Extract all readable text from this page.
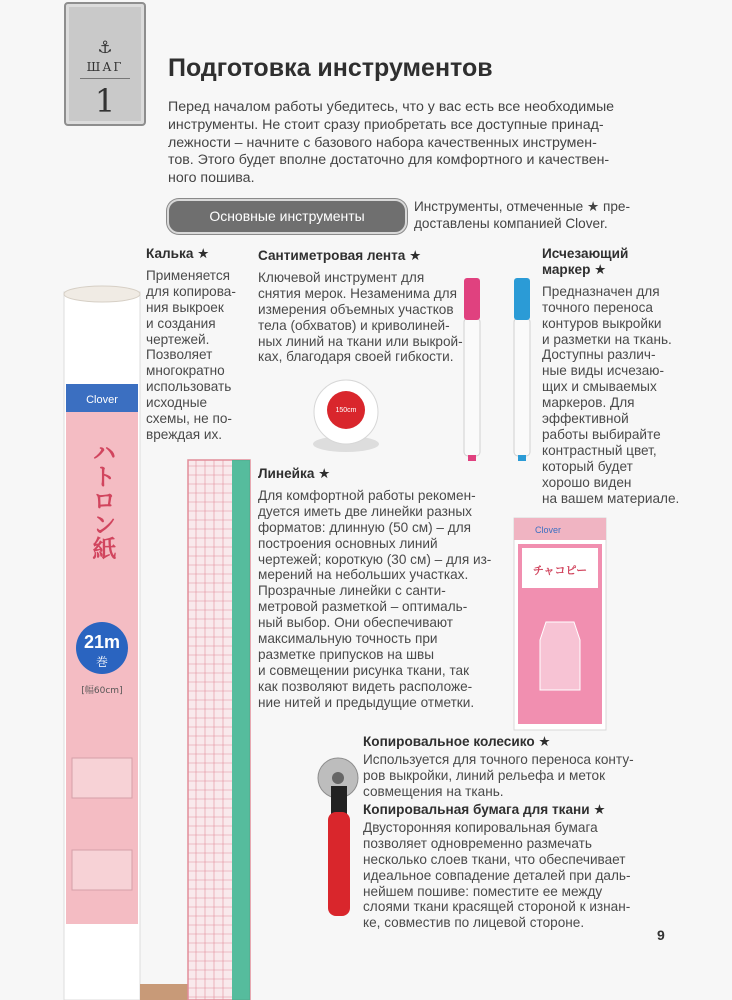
Clover
ハトロン紙
21m
巻
[幅60cm]
150cm
Clover
チャコピー
⚓
ШАГ
1
Подготовка инструментов
Перед началом работы убедитесь, что у вас есть все необходимые
инструменты. Не стоит сразу приобретать все доступные принад-
лежности – начните с базового набора качественных инструмен-
тов. Этого будет вполне достаточно для комфортного и качествен-
ного пошива.
Основные инструменты
Инструменты, отмеченные ★ пре-
доставлены компанией Clover.
Калька ★
Применяется
для копирова-
ния выкроек
и создания
чертежей.
Позволяет
многократно
использовать
исходные
схемы, не по-
вреждая их.
Сантиметровая лента ★
Ключевой инструмент для
снятия мерок. Незаменима для
измерения объемных участков
тела (обхватов) и криволиней-
ных линий на ткани или выкрой-
ках, благодаря своей гибкости.
Исчезающий
маркер ★
Предназначен для
точного переноса
контуров выкройки
и разметки на ткань.
Доступны различ-
ные виды исчезаю-
щих и смываемых
маркеров. Для
эффективной
работы выбирайте
контрастный цвет,
который будет
хорошо виден
на вашем материале.
Линейка ★
Для комфортной работы рекомен-
дуется иметь две линейки разных
форматов: длинную (50 см) – для
построения основных линий
чертежей; короткую (30 см) – для из-
мерений на небольших участках.
Прозрачные линейки с санти-
метровой разметкой – оптималь-
ный выбор. Они обеспечивают
максимальную точность при
разметке припусков на швы
и совмещении рисунка ткани, так
как позволяют видеть расположе-
ние нитей и предыдущие отметки.
Копировальное колесико ★
Используется для точного переноса конту-
ров выкройки, линий рельефа и меток
совмещения на ткань.
Копировальная бумага для ткани ★
Двусторонняя копировальная бумага
позволяет одновременно размечать
несколько слоев ткани, что обеспечивает
идеальное совпадение деталей при даль-
нейшем пошиве: поместите ее между
слоями ткани красящей стороной к изнан-
ке, совместив по лицевой стороне.
9
